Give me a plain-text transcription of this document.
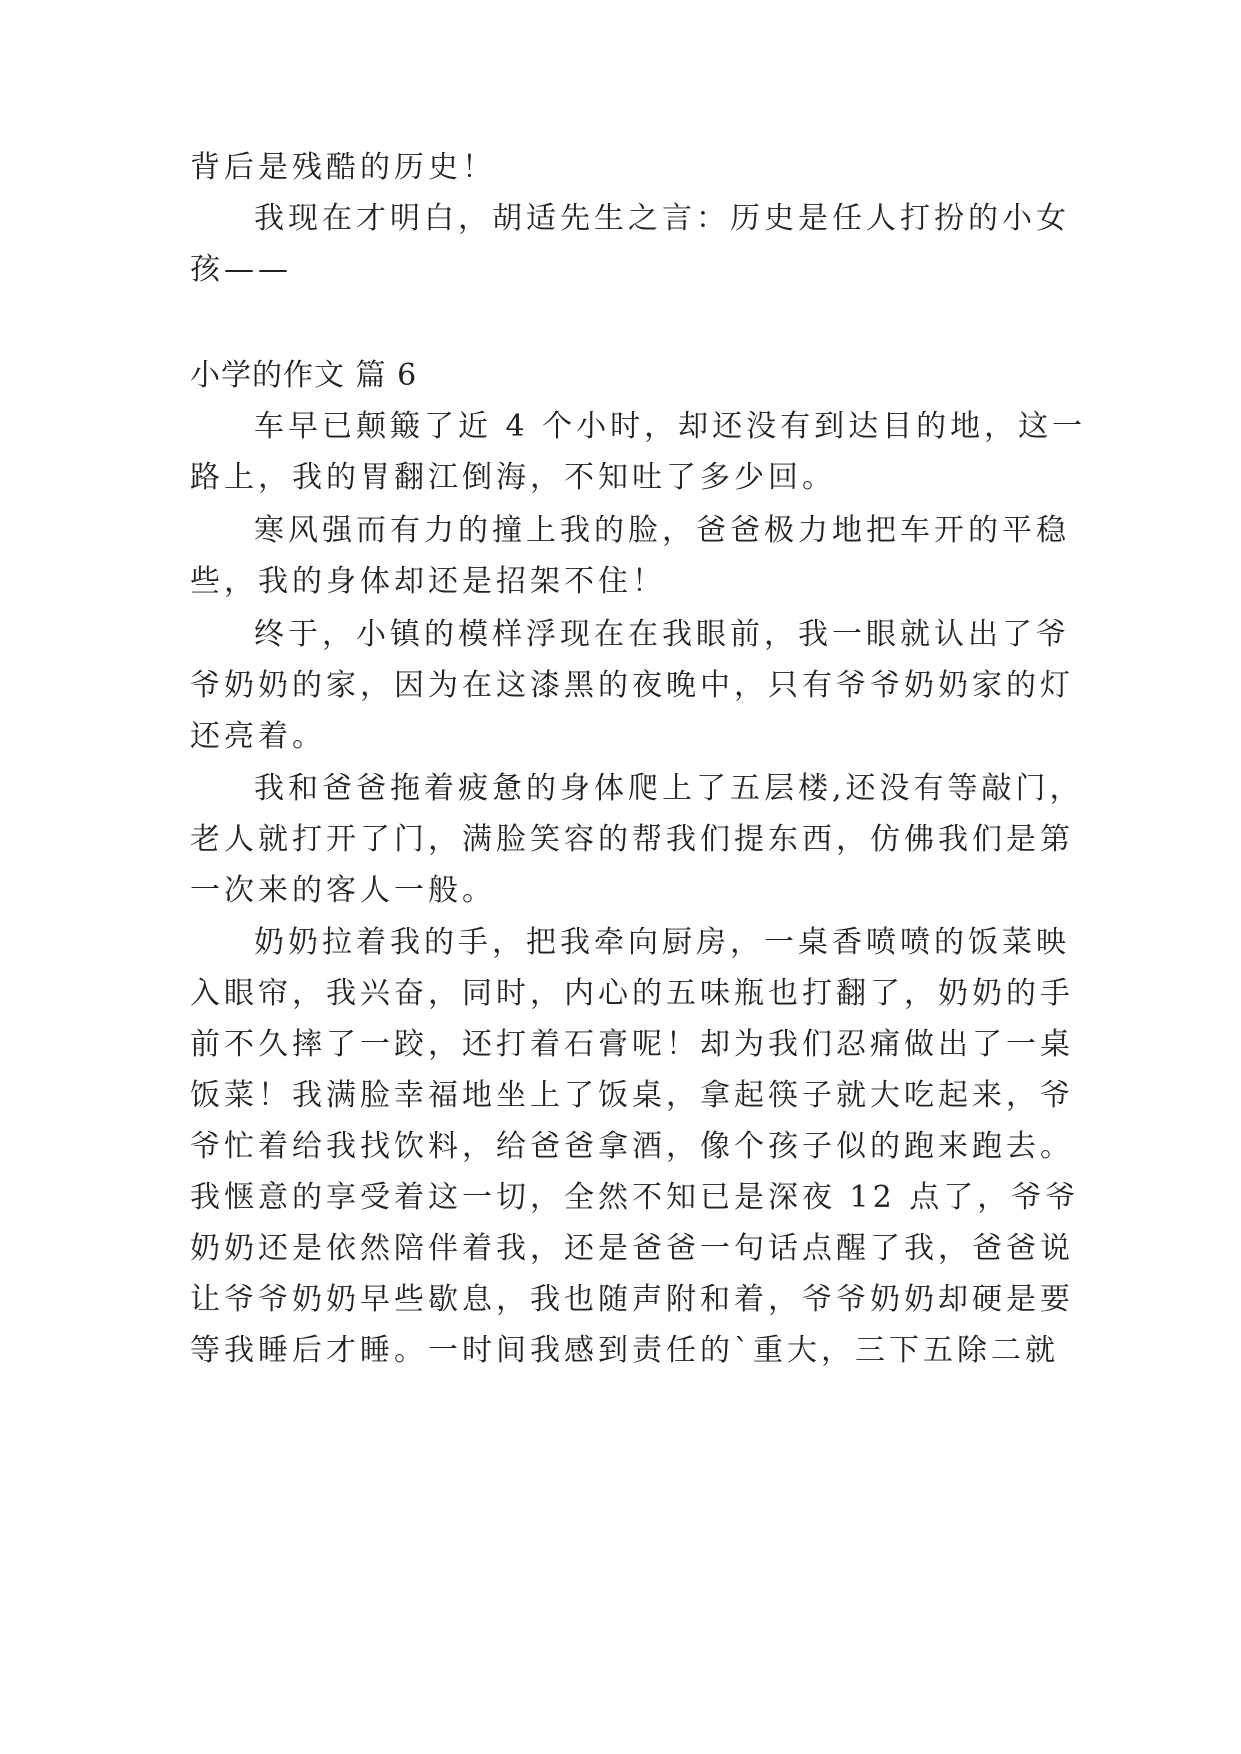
背后是残酷的历史！
我现在才明白，胡适先生之言：历史是任人打扮的小女
孩——
小学的作文 篇 6
车早已颠簸了近 4 个小时，却还没有到达目的地，这一
路上，我的胃翻江倒海，不知吐了多少回。
寒风强而有力的撞上我的脸，爸爸极力地把车开的平稳
些，我的身体却还是招架不住！
终于，小镇的模样浮现在在我眼前，我一眼就认出了爷
爷奶奶的家，因为在这漆黑的夜晚中，只有爷爷奶奶家的灯
还亮着。
我和爸爸拖着疲惫的身体爬上了五层楼,还没有等敲门，
老人就打开了门，满脸笑容的帮我们提东西，仿佛我们是第
一次来的客人一般。
奶奶拉着我的手，把我牵向厨房，一桌香喷喷的饭菜映
入眼帘，我兴奋，同时，内心的五味瓶也打翻了，奶奶的手
前不久摔了一跤，还打着石膏呢！却为我们忍痛做出了一桌
饭菜！我满脸幸福地坐上了饭桌，拿起筷子就大吃起来，爷
爷忙着给我找饮料，给爸爸拿酒，像个孩子似的跑来跑去。
我惬意的享受着这一切，全然不知已是深夜 12 点了，爷爷
奶奶还是依然陪伴着我，还是爸爸一句话点醒了我，爸爸说
让爷爷奶奶早些歇息，我也随声附和着，爷爷奶奶却硬是要
等我睡后才睡。一时间我感到责任的`重大，三下五除二就
